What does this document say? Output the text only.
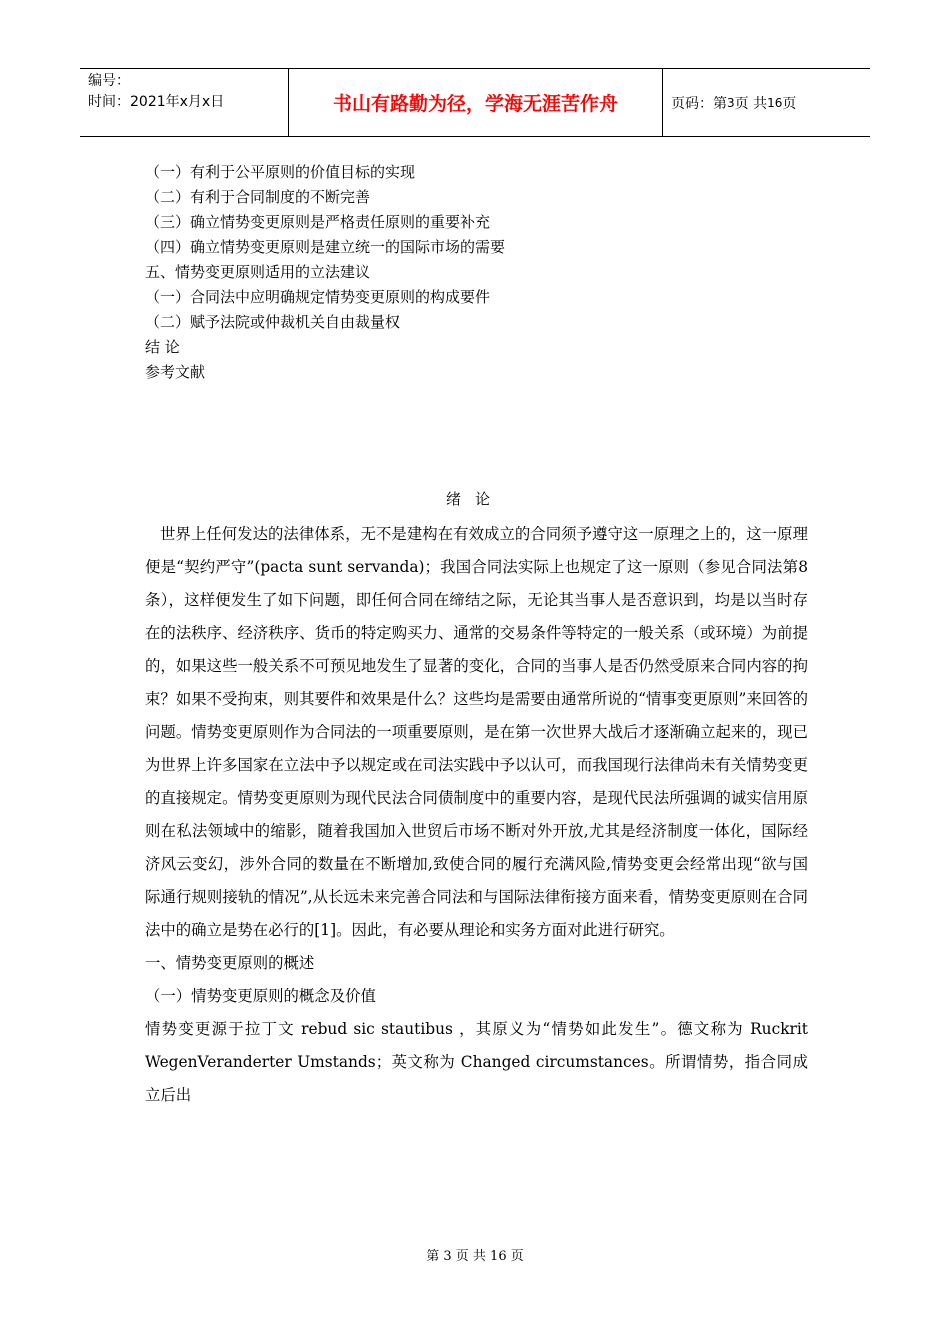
编号：
时间：2021年x月x日	书山有路勤为径，学海无涯苦作舟	页码：第 3 页 共 16 页
（一）有利于公平原则的价值目标的实现
（二）有利于合同制度的不断完善
（三）确立情势变更原则是严格责任原则的重要补充
（四）确立情势变更原则是建立统一的国际市场的需要
五、情势变更原则适用的立法建议
（一）合同法中应明确规定情势变更原则的构成要件
（二）赋予法院或仲裁机关自由裁量权
结 论
参考文献
绪论

世界上任何发达的法律体系，无不是建构在有效成立的合同须予遵守这一原理之上的，这一原理便是“契约严守”(pacta sunt servanda)；我国合同法实际上也规定了这一原则（参见合同法第8条），这样便发生了如下问题，即任何合同在缔结之际，无论其当事人是否意识到，均是以当时存在的法秩序、经济秩序、货币的特定购买力、通常的交易条件等特定的一般关系（或环境）为前提的，如果这些一般关系不可预见地发生了显著的变化，合同的当事人是否仍然受原来合同内容的拘束？如果不受拘束，则其要件和效果是什么？这些均是需要由通常所说的“情事变更原则”来回答的问题。情势变更原则作为合同法的一项重要原则，是在第一次世界大战后才逐渐确立起来的，现已为世界上许多国家在立法中予以规定或在司法实践中予以认可，而我国现行法律尚未有关情势变更的直接规定。情势变更原则为现代民法合同债制度中的重要内容，是现代民法所强调的诚实信用原则在私法领域中的缩影，随着我国加入世贸后市场不断对外开放,尤其是经济制度一体化，国际经济风云变幻，涉外合同的数量在不断增加,致使合同的履行充满风险,情势变更会经常出现“欲与国际通行规则接轨的情况”,从长远未来完善合同法和与国际法律衔接方面来看，情势变更原则在合同法中的确立是势在必行的[1]。因此，有必要从理论和实务方面对此进行研究。

一、情势变更原则的概述

（一）情势变更原则的概念及价值

情势变更源于拉丁文 rebud sic stautibus ，其原义为“情势如此发生”。德文称为 Ruckrit WegenVeranderter Umstands；英文称为 Changed circumstances。所谓情势，指合同成立后出

第 3 页 共 16 页
